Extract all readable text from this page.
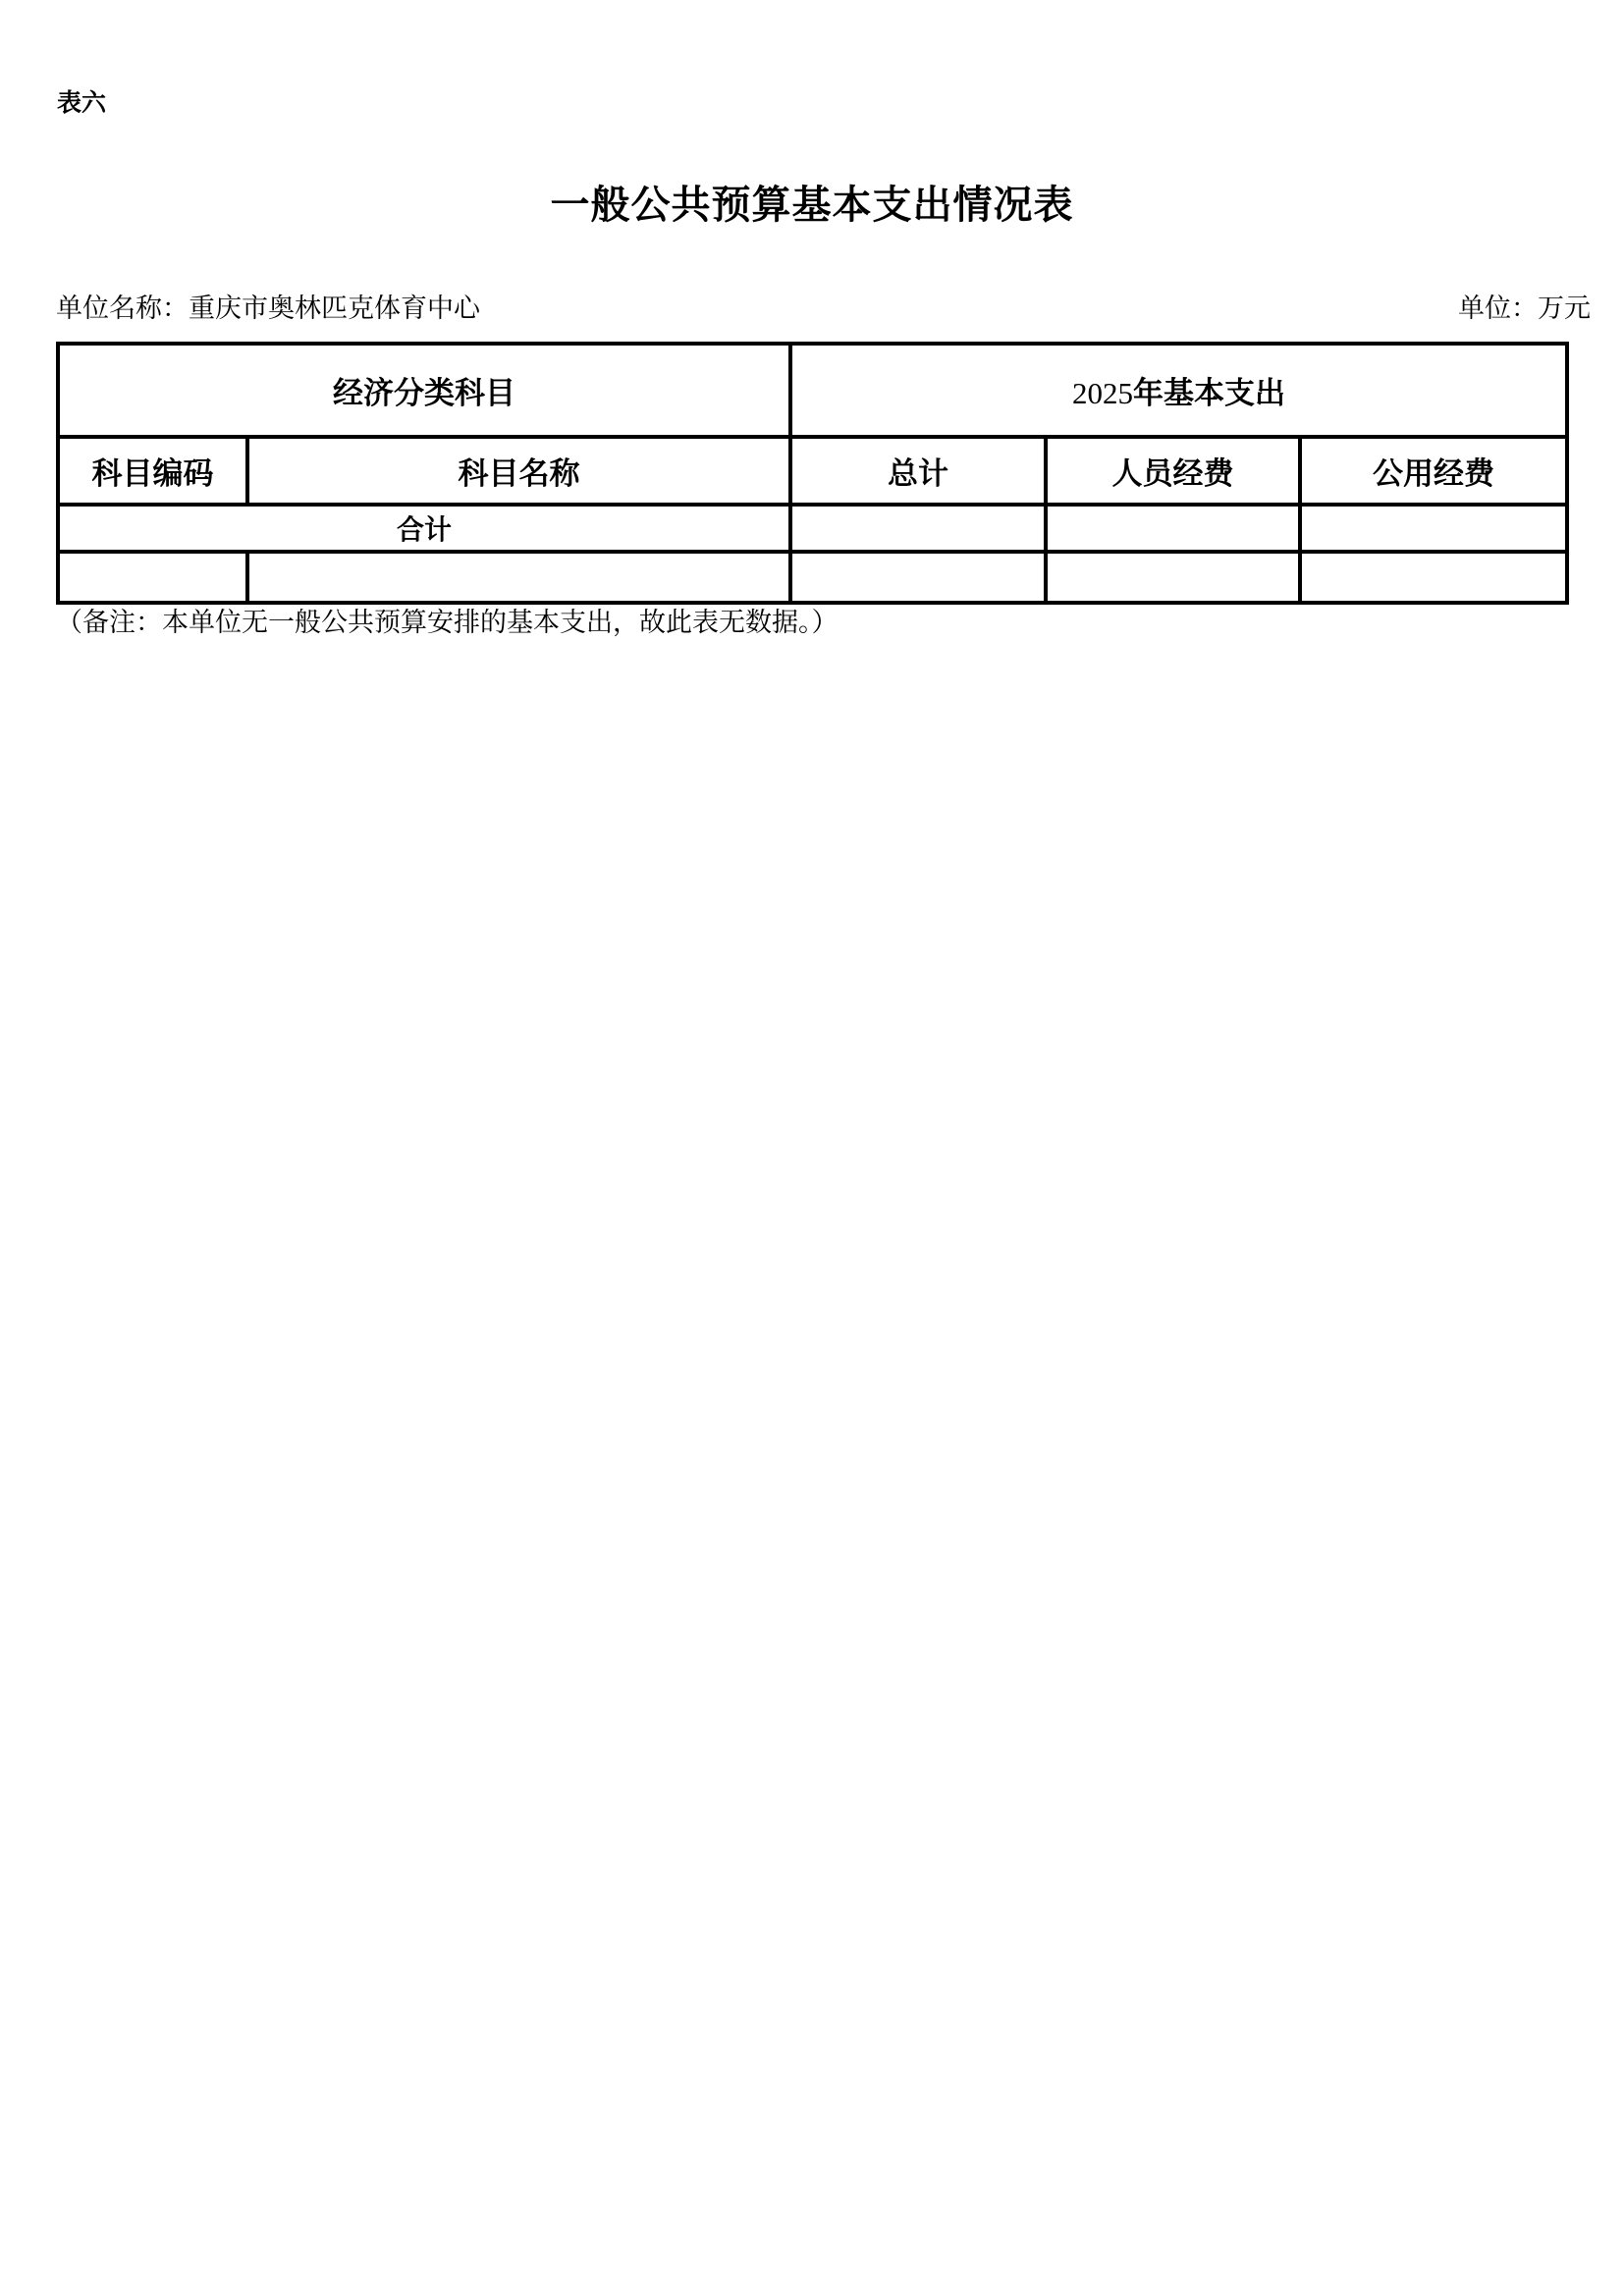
表六
一般公共预算基本支出情况表
单位名称：重庆市奥林匹克体育中心	单位：万元
经济分类科目		2025年基本支出		
科目编码	科目名称	总计	人员经费	公用经费
合计				

（备注：本单位无一般公共预算安排的基本支出，故此表无数据。）
